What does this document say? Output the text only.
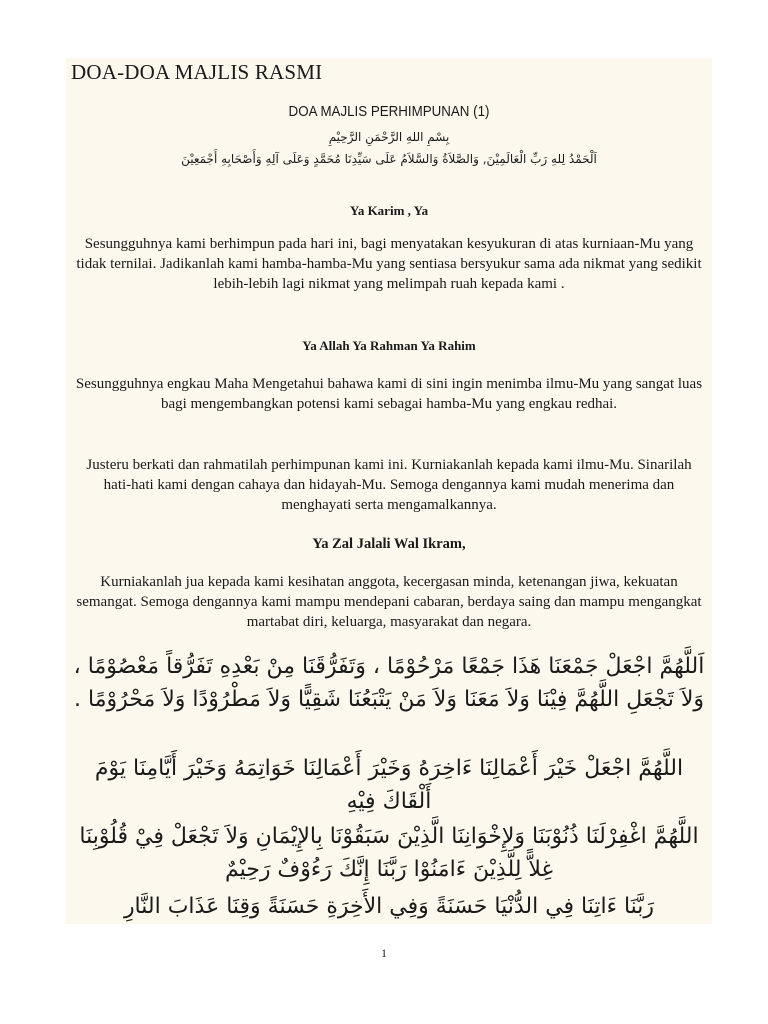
DOA-DOA MAJLIS RASMI
DOA MAJLIS PERHIMPUNAN (1)
بِسْمِ اللهِ الرَّحْمَنِ الرَّحِيْمِ
اَلْحَمْدُ لِلهِ رَبِّ الْعَالَمِيْنَ, وَالصَّلاَةُ وَالسَّلاَمُ عَلَى سَيِّدِنَا مُحَمَّدٍ وَعَلَى آلِهِ وَأَصْحَابِهِ أَجْمَعِيْنَ
Ya Karim , Ya
Sesungguhnya kami berhimpun pada hari ini, bagi menyatakan kesyukuran di atas kurniaan-Mu yang tidak ternilai. Jadikanlah kami hamba-hamba-Mu yang sentiasa bersyukur sama ada nikmat yang sedikit lebih-lebih lagi nikmat yang melimpah ruah kepada kami .
Ya Allah Ya Rahman Ya Rahim
Sesungguhnya engkau Maha Mengetahui bahawa kami di sini ingin menimba ilmu-Mu yang sangat luas bagi mengembangkan potensi kami sebagai hamba-Mu yang engkau redhai.
Justeru berkati dan rahmatilah perhimpunan kami ini. Kurniakanlah kepada kami ilmu-Mu. Sinarilah hati-hati kami dengan cahaya dan hidayah-Mu. Semoga dengannya kami mudah menerima dan menghayati serta mengamalkannya.
Ya Zal Jalali Wal Ikram,
Kurniakanlah jua kepada kami kesihatan anggota, kecergasan minda, ketenangan jiwa, kekuatan semangat. Semoga dengannya kami mampu mendepani cabaran, berdaya saing dan mampu mengangkat martabat diri, keluarga, masyarakat dan negara.
اَللَّهُمَّ اجْعَلْ جَمْعَنَا هَذَا جَمْعًا مَرْحُوْمًا ، وَتَفَرُّقَنَا مِنْ بَعْدِهِ تَفَرُّقاً مَعْصُوْمًا ، وَلاَ تَجْعَلِ اللَّهُمَّ فِيْنَا وَلاَ مَعَنَا وَلاَ مَنْ يَتْبَعُنَا شَقِيًّا وَلاَ مَطْرُوْدًا وَلاَ مَحْرُوْمًا .
اللَّهُمَّ اجْعَلْ خَيْرَ أَعْمَالِنَا ءَاخِرَهُ وَخَيْرَ أَعْمَالِنَا خَوَاتِمَهُ وَخَيْرَ أَيَّامِنَا يَوْمَ أَلْقَاكَ فِيْهِ
اللَّهُمَّ اغْفِرْلَنَا ذُنُوْبَنَا وَلإِخْوَانِنَا الَّذِيْنَ سَبَقُوْنَا بِالإِيْمَانِ وَلاَ تَجْعَلْ فِيْ قُلُوْبِنَا غِلاًّ لِلَّذِيْنَ ءَامَنُوْا رَبَّنَا إِنَّكَ رَءُوْفٌ رَحِيْمٌ
رَبَّنَا ءَاتِنَا فِي الدُّنْيَا حَسَنَةً وَفِي الأَخِرَةِ حَسَنَةً وَقِنَا عَذَابَ النَّارِ
1
